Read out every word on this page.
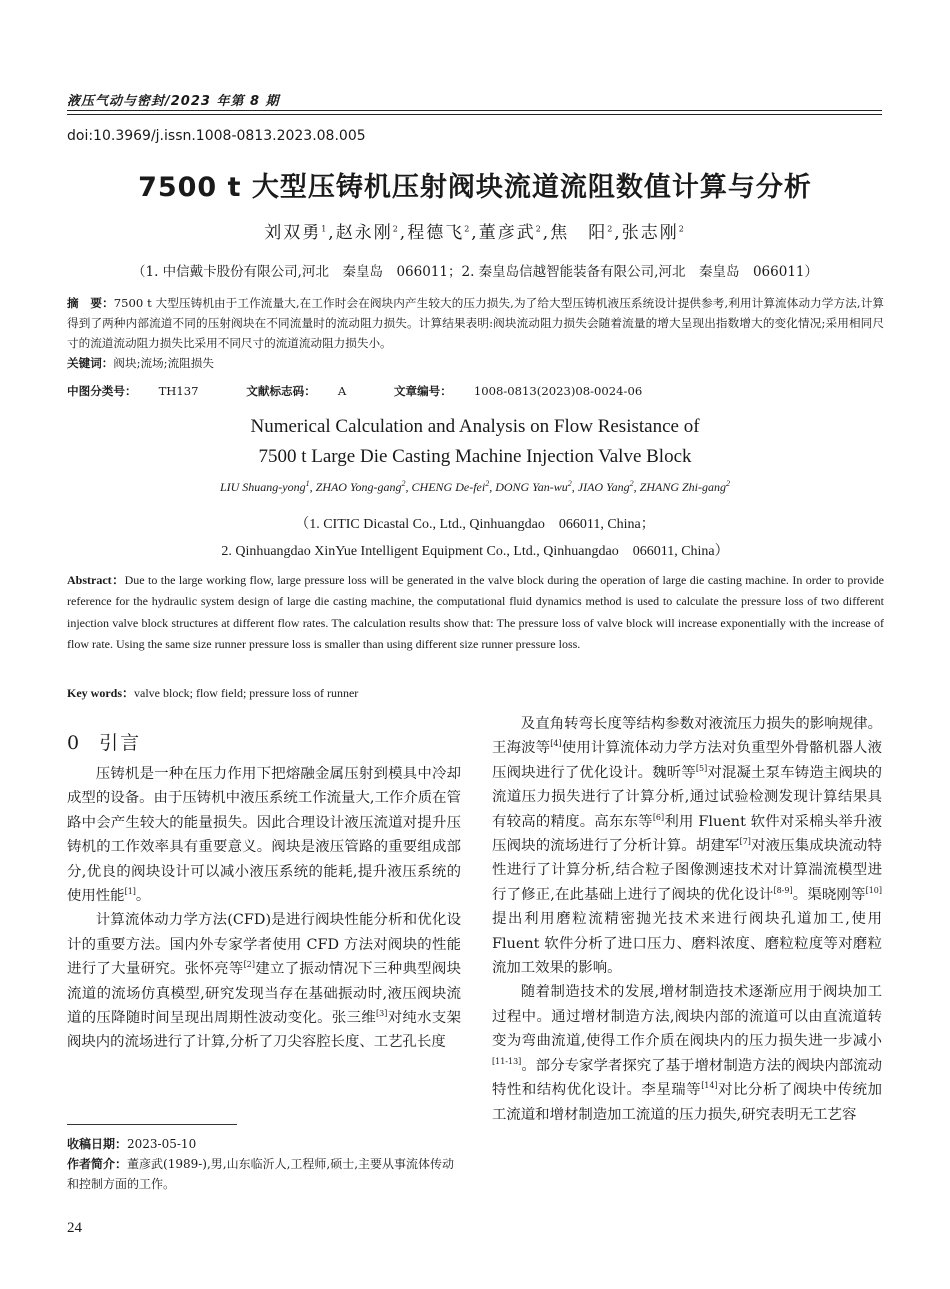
液压气动与密封/2023 年第 8 期
doi:10.3969/j.issn.1008-0813.2023.08.005
7500 t 大型压铸机压射阀块流道流阻数值计算与分析
刘双勇$^1$,赵永刚$^2$,程德飞$^2$,董彦武$^2$,焦　阳$^2$,张志刚$^2$
（1. 中信戴卡股份有限公司,河北　秦皇岛　066011；2. 秦皇岛信越智能装备有限公司,河北　秦皇岛　066011）
摘　要：7500 t 大型压铸机由于工作流量大,在工作时会在阀块内产生较大的压力损失,为了给大型压铸机液压系统设计提供参考,利用计算流体动力学方法,计算得到了两种内部流道不同的压射阀块在不同流量时的流动阻力损失。计算结果表明:阀块流动阻力损失会随着流量的增大呈现出指数增大的变化情况;采用相同尺寸的流道流动阻力损失比采用不同尺寸的流道流动阻力损失小。
关键词：阀块;流场;流阻损失
中图分类号： TH137	文献标志码： A	文章编号： 1008-0813(2023)08-0024-06
Numerical Calculation and Analysis on Flow Resistance of
7500 t Large Die Casting Machine Injection Valve Block
LIU Shuang-yong$^1$, ZHAO Yong-gang$^2$, CHENG De-fei$^2$, DONG Yan-$wu^2$, JIAO Yang$^2$, ZHANG Zhi-gang$^2$
（1. CITIC Dicastal Co., Ltd., Qinhuangdao　066011, China；
2. Qinhuangdao XinYue Intelligent Equipment Co., Ltd., Qinhuangdao　066011, China）
Abstract：Due to the large working flow, large pressure loss will be generated in the valve block during the operation of large die casting machine. In order to provide reference for the hydraulic system design of large die casting machine, the computational fluid dynamics method is used to calculate the pressure loss of two different injection valve block structures at different flow rates. The calculation results show that: The pressure loss of valve block will increase exponentially with the increase of flow rate. Using the same size runner pressure loss is smaller than using different size runner pressure loss.
Key words：valve block; flow field; pressure loss of runner
0 引言

压铸机是一种在压力作用下把熔融金属压射到模具中冷却成型的设备。由于压铸机中液压系统工作流量大,工作介质在管路中会产生较大的能量损失。因此合理设计液压流道对提升压铸机的工作效率具有重要意义。阀块是液压管路的重要组成部分,优良的阀块设计可以减小液压系统的能耗,提升液压系统的使用性能[1]。

计算流体动力学方法(CFD)是进行阀块性能分析和优化设计的重要方法。国内外专家学者使用 CFD 方法对阀块的性能进行了大量研究。张怀亮等[2]建立了振动情况下三种典型阀块流道的流场仿真模型,研究发现当存在基础振动时,液压阀块流道的压降随时间呈现出周期性波动变化。张三维[3]对纯水支架阀块内的流场进行了计算,分析了刀尖容腔长度、工艺孔长度

及直角转弯长度等结构参数对液流压力损失的影响规律。王海波等[4]使用计算流体动力学方法对负重型外骨骼机器人液压阀块进行了优化设计。魏昕等[5]对混凝土泵车铸造主阀块的流道压力损失进行了计算分析,通过试验检测发现计算结果具有较高的精度。高东东等[6]利用 Fluent 软件对采棉头举升液压阀块的流场进行了分析计算。胡建军[7]对液压集成块流动特性进行了计算分析,结合粒子图像测速技术对计算湍流模型进行了修正,在此基础上进行了阀块的优化设计[8-9]。渠晓刚等[10]提出利用磨粒流精密抛光技术来进行阀块孔道加工,使用 Fluent 软件分析了进口压力、磨料浓度、磨粒粒度等对磨粒流加工效果的影响。

随着制造技术的发展,增材制造技术逐渐应用于阀块加工过程中。通过增材制造方法,阀块内部的流道可以由直流道转变为弯曲流道,使得工作介质在阀块内的压力损失进一步减小[11-13]。部分专家学者探究了基于增材制造方法的阀块内部流动特性和结构优化设计。李星瑞等[14]对比分析了阀块中传统加工流道和增材制造加工流道的压力损失,研究表明无工艺容

收稿日期：2023-05-10
作者简介：董彦武(1989-),男,山东临沂人,工程师,硕士,主要从事流体传动和控制方面的工作。
24
